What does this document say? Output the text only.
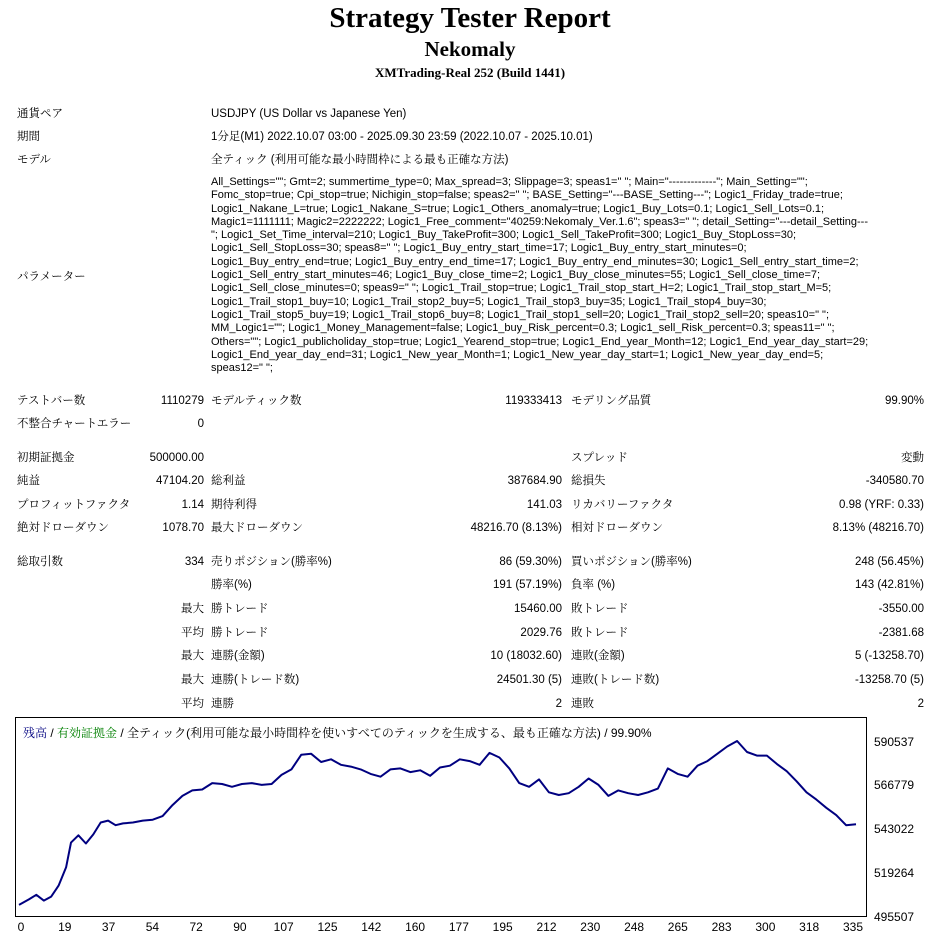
Strategy Tester Report
Nekomaly
XMTrading-Real 252 (Build 1441)
通貨ペア	USDJPY (US Dollar vs Japanese Yen)
期間	1分足(M1) 2022.10.07 03:00 - 2025.09.30 23:59 (2022.10.07 - 2025.10.01)
モデル	全ティック (利用可能な最小時間枠による最も正確な方法)
パラメーター
All_Settings=""; Gmt=2; summertime_type=0; Max_spread=3; Slippage=3; speas1=" "; Main="-------------"; Main_Setting="";
Fomc_stop=true; Cpi_stop=true; Nichigin_stop=false; speas2=" "; BASE_Setting="---BASE_Setting---"; Logic1_Friday_trade=true;
Logic1_Nakane_L=true; Logic1_Nakane_S=true; Logic1_Others_anomaly=true; Logic1_Buy_Lots=0.1; Logic1_Sell_Lots=0.1;
Magic1=1111111; Magic2=2222222; Logic1_Free_comment="40259:Nekomaly_Ver.1.6"; speas3=" "; detail_Setting="---detail_Setting---
"; Logic1_Set_Time_interval=210; Logic1_Buy_TakeProfit=300; Logic1_Sell_TakeProfit=300; Logic1_Buy_StopLoss=30;
Logic1_Sell_StopLoss=30; speas8=" "; Logic1_Buy_entry_start_time=17; Logic1_Buy_entry_start_minutes=0;
Logic1_Buy_entry_end=true; Logic1_Buy_entry_end_time=17; Logic1_Buy_entry_end_minutes=30; Logic1_Sell_entry_start_time=2;
Logic1_Sell_entry_start_minutes=46; Logic1_Buy_close_time=2; Logic1_Buy_close_minutes=55; Logic1_Sell_close_time=7;
Logic1_Sell_close_minutes=0; speas9=" "; Logic1_Trail_stop=true; Logic1_Trail_stop_start_H=2; Logic1_Trail_stop_start_M=5;
Logic1_Trail_stop1_buy=10; Logic1_Trail_stop2_buy=5; Logic1_Trail_stop3_buy=35; Logic1_Trail_stop4_buy=30;
Logic1_Trail_stop5_buy=19; Logic1_Trail_stop6_buy=8; Logic1_Trail_stop1_sell=20; Logic1_Trail_stop2_sell=20; speas10=" ";
MM_Logic1=""; Logic1_Money_Management=false; Logic1_buy_Risk_percent=0.3; Logic1_sell_Risk_percent=0.3; speas11=" ";
Others=""; Logic1_publicholiday_stop=true; Logic1_Yearend_stop=true; Logic1_End_year_Month=12; Logic1_End_year_day_start=29;
Logic1_End_year_day_end=31; Logic1_New_year_Month=1; Logic1_New_year_day_start=1; Logic1_New_year_day_end=5;
speas12=" ";
テストバー数	1110279 モデルティック数	119333413 モデリング品質	99.90%
不整合チャートエラー	0
初期証拠金	500000.00	スプレッド	変動
純益	47104.20 総利益	387684.90 総損失	-340580.70
プロフィットファクタ	1.14 期待利得	141.03 リカバリーファクタ	0.98 (YRF: 0.33)
絶対ドローダウン	1078.70 最大ドローダウン	48216.70 (8.13%) 相対ドローダウン	8.13% (48216.70)
総取引数	334 売りポジション(勝率%)	86 (59.30%) 買いポジション(勝率%)	248 (56.45%)
勝率(%)	191 (57.19%) 負率 (%)	143 (42.81%)
最大 勝トレード	15460.00 敗トレード	-3550.00
平均 勝トレード	2029.76 敗トレード	-2381.68
最大 連勝(金額)	10 (18032.60) 連敗(金額)	5 (-13258.70)
最大 連勝(トレード数)	24501.30 (5) 連敗(トレード数)	-13258.70 (5)
平均 連勝	2 連敗	2
残高 / 有効証拠金 / 全ティック(利用可能な最小時間枠を使いすべてのティックを生成する、最も正確な方法) / 99.90%
590537
566779
543022
519264
495507
0	19	37	54	72	90 107 125 142 160 177 195 212 230 248 265 283 300 318 335
